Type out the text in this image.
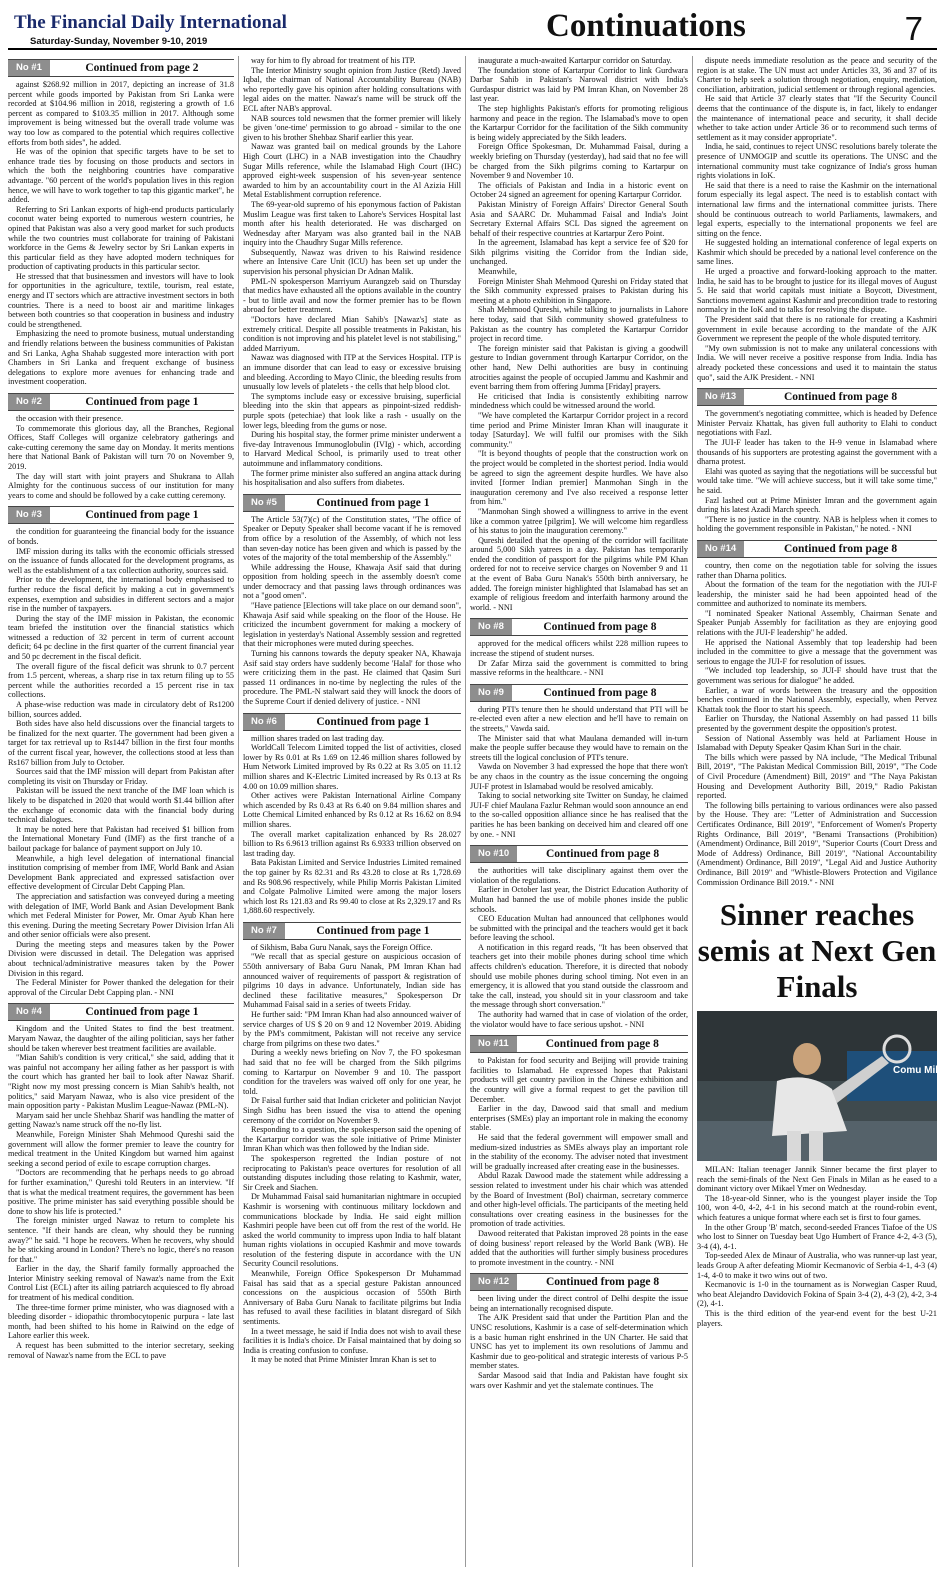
The Financial Daily International
Saturday-Sunday, November 9-10, 2019	Continuations	7
No #1	Continued from page 2

against $268.92 million in 2017, depicting an increase of 31.8 percent while goods imported by Pakistan from Sri Lanka were recorded at $104.96 million in 2018, registering a growth of 1.6 percent as compared to $103.35 million in 2017. Although some improvement is being witnessed but the overall trade volume was way too low as compared to the potential which requires collective efforts from both sides", he added.

He was of the opinion that specific targets have to be set to enhance trade ties by focusing on those products and sectors in which the both the neighboring countries have comparative advantage. "60 percent of the world's population lives in this region hence, we will have to work together to tap this gigantic market", he added.

Referring to Sri Lankan exports of high-end products particularly coconut water being exported to numerous western countries, he opined that Pakistan was also a very good market for such products while the two countries must collaborate for training of Pakistani workforce in the Gems & Jewelry sector by Sri Lankan experts in this particular field as they have adopted modern techniques for production of captivating products in this particular sector.

He stressed that that businessmen and investors will have to look for opportunities in the agriculture, textile, tourism, real estate, energy and IT sectors which are attractive investment sectors in both countries. There is a need to boost air and maritime linkages between both countries so that cooperation in business and industry could be strengthened.

Emphasizing the need to promote business, mutual understanding and friendly relations between the business communities of Pakistan and Sri Lanka, Agha Shahab suggested more interaction with port Chambers in Sri Lanka and frequent exchange of business delegations to explore more avenues for enhancing trade and investment cooperation.

No #2	Continued from page 1

the occasion with their presence.

To commemorate this glorious day, all the Branches, Regional Offices, Staff Colleges will organize celebratory gatherings and cake-cutting ceremony the same day on Monday. It merits mentions here that National Bank of Pakistan will turn 70 on November 9, 2019.

The day will start with joint prayers and Shukrana to Allah Almighty for the continuous success of our institution for many years to come and should be followed by a cake cutting ceremony.

No #3	Continued from page 1

the condition for guaranteeing the financial body for the issuance of bonds.

IMF mission during its talks with the economic officials stressed on the issuance of funds allocated for the development programs, as well as the establishment of a tax collection authority, sources said.

Prior to the development, the international body emphasised to further reduce the fiscal deficit by making a cut in government's expenses, exemption and subsidies in different sectors and a major rise in the number of taxpayers.

During the stay of the IMF mission in Pakistan, the economic team briefed the institution over the financial statistics which witnessed a reduction of 32 percent in term of current account deficit; 64 pc decline in the first quarter of the current financial year and 50 pc decrement in the fiscal deficit.

The overall figure of the fiscal deficit was shrunk to 0.7 percent from 1.5 percent, whereas, a sharp rise in tax return filing up to 55 percent while the authorities recorded a 15 percent rise in tax collections.

A phase-wise reduction was made in circulatory debt of Rs1200 billion, sources added.

Both sides have also held discussions over the financial targets to be finalized for the next quarter. The government had been given a target for tax retrieval up to Rs1447 billion in the first four months of the current fiscal year, however, the collections stood at less than Rs167 billion from July to October.

Sources said that the IMF mission will depart from Pakistan after completing its visit on Thursday or Friday.

Pakistan will be issued the next tranche of the IMF loan which is likely to be dispatched in 2020 that would worth $1.44 billion after the exchange of economic data with the financial body during technical dialogues.

It may be noted here that Pakistan had received $1 billion from the International Monetary Fund (IMF) as the first tranche of a bailout package for balance of payment support on July 10.

Meanwhile, a high level delegation of international financial institution comprising of member from IMF, World Bank and Asian Development Bank appreciated and expressed satisfaction over effective development of Circular Debt Capping Plan.

The appreciation and satisfaction was conveyed during a meeting with delegation of IMF, World Bank and Asian Development Bank which met Federal Minister for Power, Mr. Omar Ayub Khan here this evening. During the meeting Secretary Power Division Irfan Ali and other senior officials were also present.

During the meeting steps and measures taken by the Power Division were discussed in detail. The Delegation was apprised about technical/administrative measures taken by the Power Division in this regard.

The Federal Minister for Power thanked the delegation for their approval of the Circular Debt Capping plan. - NNI

No #4	Continued from page 1

Kingdom and the United States to find the best treatment. Maryam Nawaz, the daughter of the ailing politician, says her father should be taken wherever best treatment facilities are available.

"Mian Sahib's condition is very critical," she said, adding that it was painful not accompany her ailing father as her passport is with the court which has granted her bail to look after Nawaz Sharif. "Right now my most pressing concern is Mian Sahib's health, not politics," said Maryam Nawaz, who is also vice president of the main opposition party - Pakistan Muslim League-Nawaz (PML-N).

Maryam said her uncle Shehbaz Sharif was handling the matter of getting Nawaz's name struck off the no-fly list.

Meanwhile, Foreign Minister Shah Mehmood Qureshi said the government will allow the former premier to leave the country for medical treatment in the United Kingdom but warned him against seeking a second period of exile to escape corruption charges.

"Doctors are recommending that he perhaps needs to go abroad for further examination," Qureshi told Reuters in an interview. "If that is what the medical treatment requires, the government has been positive. The prime minister has said everything possible should be done to show his life is protected."

The foreign minister urged Nawaz to return to complete his sentence. "If their hands are clean, why should they be running away?" he said. "I hope he recovers. When he recovers, why should he be sticking around in London? There's no logic, there's no reason for that."

Earlier in the day, the Sharif family formally approached the Interior Ministry seeking removal of Nawaz's name from the Exit Control List (ECL) after its ailing patriarch acquiesced to fly abroad for treatment of his medical condition.

The three-time former prime minister, who was diagnosed with a bleeding disorder - idiopathic thrombocytopenic purpura - late last month, had been shifted to his home in Raiwind on the edge of Lahore earlier this week.

A request has been submitted to the interior secretary, seeking removal of Nawaz's name from the ECL to pave

way for him to fly abroad for treatment of his ITP.

The Interior Ministry sought opinion from Justice (Retd) Javed Iqbal, the chairman of National Accountability Bureau (NAB) who reportedly gave his opinion after holding consultations with legal aides on the matter. Nawaz's name will be struck off the ECL after NAB's approval.

NAB sources told newsmen that the former premier will likely be given 'one-time' permission to go abroad - similar to the one given to his brother Shehbaz Sharif earlier this year.

Nawaz was granted bail on medical grounds by the Lahore High Court (LHC) in a NAB investigation into the Chaudhry Sugar Mills reference, while the Islamabad High Court (IHC) approved eight-week suspension of his seven-year sentence awarded to him by an accountability court in the Al Azizia Hill Metal Establishment corruption reference.

The 69-year-old supremo of his eponymous faction of Pakistan Muslim League was first taken to Lahore's Services Hospital last month after his health deteriorated. He was discharged on Wednesday after Maryam was also granted bail in the NAB inquiry into the Chaudhry Sugar Mills reference.

Subsequently, Nawaz was driven to his Raiwind residence where an Intensive Care Unit (ICU) has been set up under the supervision his personal physician Dr Adnan Malik.

PML-N spokesperson Marriyum Aurangzeb said on Thursday that medics have exhausted all the options available in the country - but to little avail and now the former premier has to be flown abroad for better treatment.

"Doctors have declared Mian Sahib's [Nawaz's] state as extremely critical. Despite all possible treatments in Pakistan, his condition is not improving and his platelet level is not stabilising," added Marriyum.

Nawaz was diagnosed with ITP at the Services Hospital. ITP is an immune disorder that can lead to easy or excessive bruising and bleeding. According to Mayo Clinic, the bleeding results from unusually low levels of platelets - the cells that help blood clot.

The symptoms include easy or excessive bruising, superficial bleeding into the skin that appears as pinpoint-sized reddish-purple spots (petechiae) that look like a rash - usually on the lower legs, bleeding from the gums or nose.

During his hospital stay, the former prime minister underwent a five-day Intravenous Immunoglobulin (IVIg) - which, according to Harvard Medical School, is primarily used to treat other autoimmune and inflammatory conditions.

The former prime minister also suffered an angina attack during his hospitalisation and also suffers from diabetes.

No #5	Continued from page 1

The Article 53(7)(c) of the Constitution states, "The office of Speaker or Deputy Speaker shall become vacant if he is removed from office by a resolution of the Assembly, of which not less than seven-day notice has been given and which is passed by the votes of the majority of the total membership of the Assembly."

While addressing the House, Khawaja Asif said that during opposition from holding speech in the assembly doesn't come under democracy and that passing laws through ordinances was not a "good omen".

"Have patience [Elections will take place on our demand soon", Khawaja Asif said while speaking on the floor of the House. He criticized the incumbent government for making a mockery of legislation in yesterday's National Assembly session and regretted that their microphones were muted during speeches.

Turning his cannons towards the deputy speaker NA, Khawaja Asif said stay orders have suddenly become 'Halal' for those who were criticizing them in the past. He claimed that Qasim Suri passed 11 ordinances in no-time by neglecting the rules of the procedure. The PML-N stalwart said they will knock the doors of the Supreme Court if denied delivery of justice. - NNI

No #6	Continued from page 1

million shares traded on last trading day.

WorldCall Telecom Limited topped the list of activities, closed lower by Rs 0.01 at Rs 1.69 on 12.46 million shares followed by Hum Network Limited improved by Rs 0.22 at Rs 3.05 on 11.12 million shares and K-Electric Limited increased by Rs 0.13 at Rs 4.00 on 10.09 million shares.

Other actives were Pakistan International Airline Company which ascended by Rs 0.43 at Rs 6.40 on 9.84 million shares and Lotte Chemical Limited enhanced by Rs 0.12 at Rs 16.62 on 8.94 million shares.

The overall market capitalization enhanced by Rs 28.027 billion to Rs 6.9613 trillion against Rs 6.9333 trillion observed on last trading day.

Bata Pakistan Limited and Service Industries Limited remained the top gainer by Rs 82.31 and Rs 43.28 to close at Rs 1,728.69 and Rs 908.96 respectively, while Philip Morris Pakistan Limited and Colgate Palmolive Limited were among the major losers which lost Rs 121.83 and Rs 99.40 to close at Rs 2,329.17 and Rs 1,888.60 respectively.

No #7	Continued from page 1

of Sikhism, Baba Guru Nanak, says the Foreign Office.

"We recall that as special gesture on auspicious occasion of 550th anniversary of Baba Guru Nanak, PM Imran Khan had announced waiver of requirements of passport & registration of pilgrims 10 days in advance. Unfortunately, Indian side has declined these facilitative measures," Spokesperson Dr Muhammad Faisal said in a series of tweets Friday.

He further said: "PM Imran Khan had also announced waiver of service charges of US $ 20 on 9 and 12 November 2019. Abiding by the PM's commitment, Pakistan will not receive any service charge from pilgrims on these two dates."

During a weekly news briefing on Nov 7, the FO spokesman had said that no fee will be charged from the Sikh pilgrims coming to Kartarpur on November 9 and 10. The passport condition for the travelers was waived off only for one year, he told.

Dr Faisal further said that Indian cricketer and politician Navjot Singh Sidhu has been issued the visa to attend the opening ceremony of the corridor on November 9.

Responding to a question, the spokesperson said the opening of the Kartarpur corridor was the sole initiative of Prime Minister Imran Khan which was then followed by the Indian side.

The spokesperson regretted the Indian posture of not reciprocating to Pakistan's peace overtures for resolution of all outstanding disputes including those relating to Kashmir, water, Sir Creek and Siachen.

Dr Muhammad Faisal said humanitarian nightmare in occupied Kashmir is worsening with continuous military lockdown and communications blockade by India. He said eight million Kashmiri people have been cut off from the rest of the world. He asked the world community to impress upon India to half blatant human rights violations in occupied Kashmir and move towards resolution of the festering dispute in accordance with the UN Security Council resolutions.

Meanwhile, Foreign Office Spokesperson Dr Muhammad Faisal has said that as a special gesture Pakistan announced concessions on the auspicious occasion of 550th Birth Anniversary of Baba Guru Nanak to facilitate pilgrims but India has refused to avail these facilities in blatant disregard of Sikh sentiments.

In a tweet message, he said if India does not wish to avail these facilities it is India's choice. Dr Faisal maintained that by doing so India is creating confusion to confuse.

It may be noted that Prime Minister Imran Khan is set to

inaugurate a much-awaited Kartarpur corridor on Saturday.

The foundation stone of Kartarpur Corridor to link Gurdwara Darbar Sahib in Pakistan's Narowal district with India's Gurdaspur district was laid by PM Imran Khan, on November 28 last year.

The step highlights Pakistan's efforts for promoting religious harmony and peace in the region. The Islamabad's move to open the Kartarpur Corridor for the facilitation of the Sikh community is being widely appreciated by the Sikh leaders.

Foreign Office Spokesman, Dr. Muhammad Faisal, during a weekly briefing on Thursday (yesterday), had said that no fee will be charged from the Sikh pilgrims coming to Kartarpur on November 9 and November 10.

The officials of Pakistan and India in a historic event on October 24 signed an agreement for opening Kartarpur Corridor.

Pakistan Ministry of Foreign Affairs' Director General South Asia and SAARC Dr. Muhammad Faisal and India's Joint Secretary External Affairs SCL Das signed the agreement on behalf of their respective countries at Kartarpur Zero Point.

In the agreement, Islamabad has kept a service fee of $20 for Sikh pilgrims visiting the Corridor from the Indian side, unchanged.

Meanwhile,

Foreign Minister Shah Mehmood Qureshi on Friday stated that the Sikh community expressed praises to Pakistan during his meeting at a photo exhibition in Singapore.

Shah Mehmood Qureshi, while talking to journalists in Lahore here today, said that Sikh community showed gratefulness to Pakistan as the country has completed the Kartarpur Corridor project in record time.

The foreign minister said that Pakistan is giving a goodwill gesture to Indian government through Kartarpur Corridor, on the other hand, New Delhi authorities are busy in continuing atrocities against the people of occupied Jammu and Kashmir and event barring them from offering Jumma [Friday] prayers.

He criticised that India is consistently exhibiting narrow mindedness which could be witnessed around the world.

"We have completed the Kartarpur Corridor project in a record time period and Prime Minister Imran Khan will inaugurate it today [Saturday]. We will fulfil our promises with the Sikh community."

"It is beyond thoughts of people that the construction work on the project would be completed in the shortest period. India would be agreed to sign the agreement despite hurdles. We have also invited [former Indian premier] Manmohan Singh in the inauguration ceremony and I've also received a response letter from him."

"Manmohan Singh showed a willingness to arrive in the event like a common yatree [pilgrim]. We will welcome him regardless of his status to join the inauguration ceremony."

Qureshi detailed that the opening of the corridor will facilitate around 5,000 Sikh yatrees in a day. Pakistan has temporarily ended the condition of passport for the pilgrims while PM Khan ordered for not to receive service charges on November 9 and 11 at the event of Baba Guru Nanak's 550th birth anniversary, he added. The foreign minister highlighted that Islamabad has set an example of religious freedom and interfaith harmony around the world. - NNI

No #8	Continued from page 8

approved for the medical officers whilst 228 million rupees to increase the stipend of student nurses.

Dr Zafar Mirza said the government is committed to bring massive reforms in the healthcare. - NNI

No #9	Continued from page 8

during PTI's tenure then he should understand that PTI will be re-elected even after a new election and he'll have to remain on the streets," Vawda said.

The Minister said that what Maulana demanded will in-turn make the people suffer because they would have to remain on the streets till the logical conclusion of PTI's tenure.

Vawda on November 3 had expressed the hope that there won't be any chaos in the country as the issue concerning the ongoing JUI-F protest in Islamabad would be resolved amicably.

Taking to social networking site Twitter on Sunday, he claimed JUI-F chief Maulana Fazlur Rehman would soon announce an end to the so-called opposition alliance since he has realised that the parities he has been banking on deceived him and cleared off one by one. - NNI

No #10	Continued from page 8

the authorities will take disciplinary against them over the violation of the regulations.

Earlier in October last year, the District Education Authority of Multan had banned the use of mobile phones inside the public schools.

CEO Education Multan had announced that cellphones would be submitted with the principal and the teachers would get it back before leaving the school.

A notification in this regard reads, "It has been observed that teachers get into their mobile phones during school time which affects children's education. Therefore, it is directed that nobody should use mobile phones during school timing. Not even in an emergency, it is allowed that you stand outside the classroom and take the call, instead, you should sit in your classroom and take the message through short conversation."

The authority had warned that in case of violation of the order, the violator would have to face serious upshot. - NNI

No #11	Continued from page 8

to Pakistan for food security and Beijing will provide training facilities to Islamabad. He expressed hopes that Pakistani products will get country pavilion in the Chinese exhibition and the country will give a formal request to get the pavilion till December.

Earlier in the day, Dawood said that small and medium enterprises (SMEs) play an important role in making the economy stable.

He said that the federal government will empower small and medium-sized industries as SMEs always play an important role in the stability of the economy. The adviser noted that investment will be gradually increased after creating ease in the businesses.

Abdul Razak Dawood made the statement while addressing a session related to investment under his chair which was attended by the Board of Investment (BoI) chairman, secretary commerce and other high-level officials. The participants of the meeting held consultations over creating easiness in the businesses for the promotion of trade activities.

Dawood reiterated that Pakistan improved 28 points in the ease of doing business' report released by the World Bank (WB). He added that the authorities will further simply business procedures to promote investment in the country. - NNI

No #12	Continued from page 8

been living under the direct control of Delhi despite the issue being an internationally recognised dispute.

The AJK President said that under the Partition Plan and the UNSC resolutions, Kashmir is a case of self-determination which is a basic human right enshrined in the UN Charter. He said that UNSC has yet to implement its own resolutions of Jammu and Kashmir due to geo-political and strategic interests of various P-5 member states.

Sardar Masood said that India and Pakistan have fought six wars over Kashmir and yet the stalemate continues. The

dispute needs immediate resolution as the peace and security of the region is at stake. The UN must act under Articles 33, 36 and 37 of its Charter to help seek a solution through negotiation, enquiry, mediation, conciliation, arbitration, judicial settlement or through regional agencies.

He said that Article 37 clearly states that "If the Security Council deems that the continuance of the dispute is, in fact, likely to endanger the maintenance of international peace and security, it shall decide whether to take action under Article 36 or to recommend such terms of settlement as it may consider appropriate".

India, he said, continues to reject UNSC resolutions barely tolerate the presence of UNMOGIP and scuttle its operations. The UNSC and the international community must take cognizance of India's gross human rights violations in IoK.

He said that there is a need to raise the Kashmir on the international forum especially its legal aspect. The need is to establish contact with international law firms and the international committee jurists. There should be continuous outreach to world Parliaments, lawmakers, and legal experts, especially to the international proponents we feel are sitting on the fence.

He suggested holding an international conference of legal experts on Kashmir which should be preceded by a national level conference on the same lines.

He urged a proactive and forward-looking approach to the matter. India, he said has to be brought to justice for its illegal moves of August 5. He said that world capitals must initiate a Boycott, Divestment, Sanctions movement against Kashmir and precondition trade to restoring normalcy in the IoK and to talks for resolving the dispute.

The President said that there is no rationale for creating a Kashmiri government in exile because according to the mandate of the AJK Government we represent the people of the whole disputed territory.

"My own submission is not to make any unilateral concessions with India. We will never receive a positive response from India. India has already pocketed these concessions and used it to maintain the status quo", said the AJK President. - NNI

No #13	Continued from page 8

The government's negotiating committee, which is headed by Defence Minister Pervaiz Khattak, has given full authority to Elahi to conduct negotiations with Fazl.

The JUI-F leader has taken to the H-9 venue in Islamabad where thousands of his supporters are protesting against the government with a dharna protest.

Elahi was quoted as saying that the negotiations will be successful but would take time. "We will achieve success, but it will take some time," he said.

Fazl lashed out at Prime Minister Imran and the government again during his latest Azadi March speech.

"There is no justice in the country. NAB is helpless when it comes to holding the government responsible in Pakistan," he noted. - NNI

No #14	Continued from page 8

country, then come on the negotiation table for solving the issues rather than Dharna politics.

About the formation of the team for the negotiation with the JUI-F leadership, the minister said he had been appointed head of the committee and authorized to nominate its members.

"I nominated Speaker National Assembly, Chairman Senate and Speaker Punjab Assembly for facilitation as they are enjoying good relations with the JUI-F leadership" he added.

He apprised the National Assembly that top leadership had been included in the committee to give a message that the government was serious to engage the JUI-F for resolution of issues.

"We included top leadership, so JUI-F should have trust that the government was serious for dialogue" he added.

Earlier, a war of words between the treasury and the opposition benches continued in the National Assembly, especially, when Pervez Khattak took the floor to start his speech.

Earlier on Thursday, the National Assembly on had passed 11 bills presented by the government despite the opposition's protest.

Session of National Assembly was held at Parliament House in Islamabad with Deputy Speaker Qasim Khan Suri in the chair.

The bills which were passed by NA include, "The Medical Tribunal Bill, 2019", "The Pakistan Medical Commission Bill, 2019", "The Code of Civil Procedure (Amendment) Bill, 2019" and "The Naya Pakistan Housing and Development Authority Bill, 2019," Radio Pakistan reported.

The following bills pertaining to various ordinances were also passed by the House. They are: "Letter of Administration and Succession Certificates Ordinance, Bill 2019", "Enforcement of Women's Property Rights Ordinance, Bill 2019", "Benami Transactions (Prohibition) (Amendment) Ordinance, Bill 2019", "Superior Courts (Court Dress and Mode of Address) Ordinance, Bill 2019", "National Accountability (Amendment) Ordinance, Bill 2019", "Legal Aid and Justice Authority Ordinance, Bill 2019" and "Whistle-Blowers Protection and Vigilance Commission Ordinance Bill 2019." - NNI

Sinner reaches semis at Next Gen Finals
Comu Mila

MILAN: Italian teenager Jannik Sinner became the first player to reach the semi-finals of the Next Gen Finals in Milan as he eased to a dominant victory over Mikael Ymer on Wednesday.

The 18-year-old Sinner, who is the youngest player inside the Top 100, won 4-0, 4-2, 4-1 in his second match at the round-robin event, which features a unique format where each set is first to four games.

In the other Group 'B' match, second-seeded Frances Tiafoe of the US who lost to Sinner on Tuesday beat Ugo Humbert of France 4-2, 4-3 (5), 3-4 (4), 4-1.

Top-seeded Alex de Minaur of Australia, who was runner-up last year, leads Group A after defeating Miomir Kecmanovic of Serbia 4-1, 4-3 (4) 1-4, 4-0 to make it two wins out of two.

Kecmanovic is 1-0 in the tournament as is Norwegian Casper Ruud, who beat Alejandro Davidovich Fokina of Spain 3-4 (2), 4-3 (2), 4-2, 3-4 (2), 4-1.

This is the third edition of the year-end event for the best U-21 players.
